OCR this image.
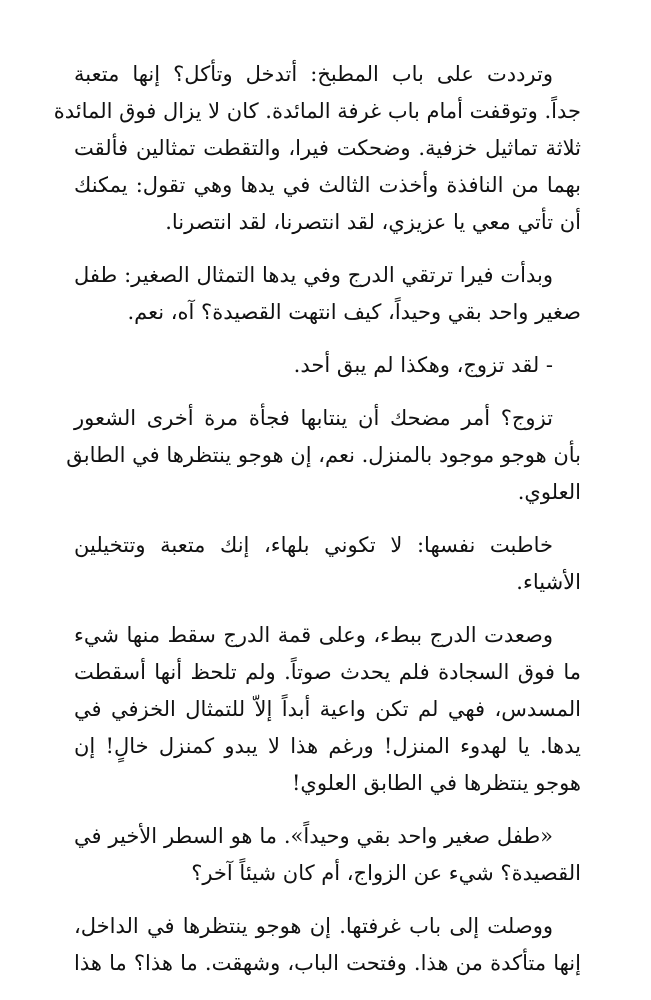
وترددت على باب المطبخ: أتدخل وتأكل؟ إنها متعبة
جداً. وتوقفت أمام باب غرفة المائدة. كان لا يزال فوق المائدة
ثلاثة تماثيل خزفية. وضحكت فيرا، والتقطت تمثالين فألقت
بهما من النافذة وأخذت الثالث في يدها وهي تقول: يمكنك
أن تأتي معي يا عزيزي، لقد انتصرنا، لقد انتصرنا.
وبدأت فيرا ترتقي الدرج وفي يدها التمثال الصغير: طفل
صغير واحد بقي وحيداً، كيف انتهت القصيدة؟ آه، نعم.
- لقد تزوج، وهكذا لم يبق أحد.
تزوج؟ أمر مضحك أن ينتابها فجأة مرة أخرى الشعور
بأن هوجو موجود بالمنزل. نعم، إن هوجو ينتظرها في الطابق
العلوي.
خاطبت نفسها: لا تكوني بلهاء، إنك متعبة وتتخيلين
الأشياء.
وصعدت الدرج ببطء، وعلى قمة الدرج سقط منها شيء
ما فوق السجادة فلم يحدث صوتاً. ولم تلحظ أنها أسقطت
المسدس، فهي لم تكن واعية أبداً إلاّ للتمثال الخزفي في
يدها. يا لهدوء المنزل! ورغم هذا لا يبدو كمنزل خالٍ! إن
هوجو ينتظرها في الطابق العلوي!
«طفل صغير واحد بقي وحيداً». ما هو السطر الأخير في
القصيدة؟ شيء عن الزواج، أم كان شيئاً آخر؟
ووصلت إلى باب غرفتها. إن هوجو ينتظرها في الداخل،
إنها متأكدة من هذا. وفتحت الباب، وشهقت. ما هذا؟ ما هذا
